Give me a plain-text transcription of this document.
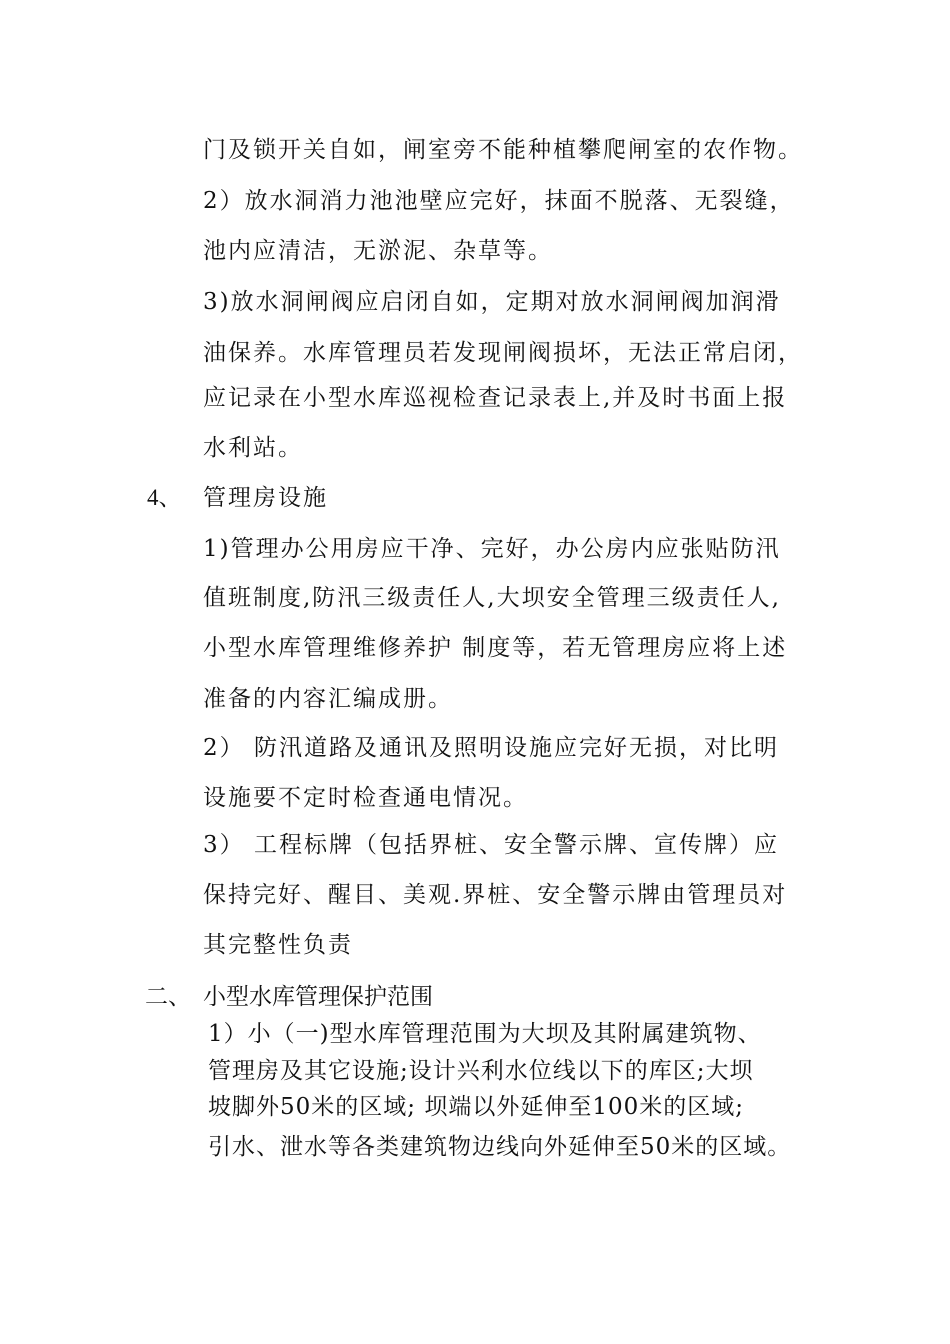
门及锁开关自如，闸室旁不能种植攀爬闸室的农作物。
2）放水洞消力池池壁应完好，抹面不脱落、无裂缝，
池内应清洁，无淤泥、杂草等。
3)放水洞闸阀应启闭自如，定期对放水洞闸阀加润滑
油保养。水库管理员若发现闸阀损坏，无法正常启闭，
应记录在小型水库巡视检查记录表上,并及时书面上报
水利站。
4、 管理房设施
1)管理办公用房应干净、完好，办公房内应张贴防汛
值班制度,防汛三级责任人,大坝安全管理三级责任人,
小型水库管理维修养护 制度等，若无管理房应将上述
准备的内容汇编成册。
2） 防汛道路及通讯及照明设施应完好无损，对比明
设施要不定时检查通电情况。
3） 工程标牌（包括界桩、安全警示牌、宣传牌）应
保持完好、醒目、美观.界桩、安全警示牌由管理员对
其完整性负责
二、 小型水库管理保护范围
1）小（一)型水库管理范围为大坝及其附属建筑物、
管理房及其它设施;设计兴利水位线以下的库区;大坝
坡脚外50米的区域; 坝端以外延伸至100米的区域;
引水、泄水等各类建筑物边线向外延伸至50米的区域。
